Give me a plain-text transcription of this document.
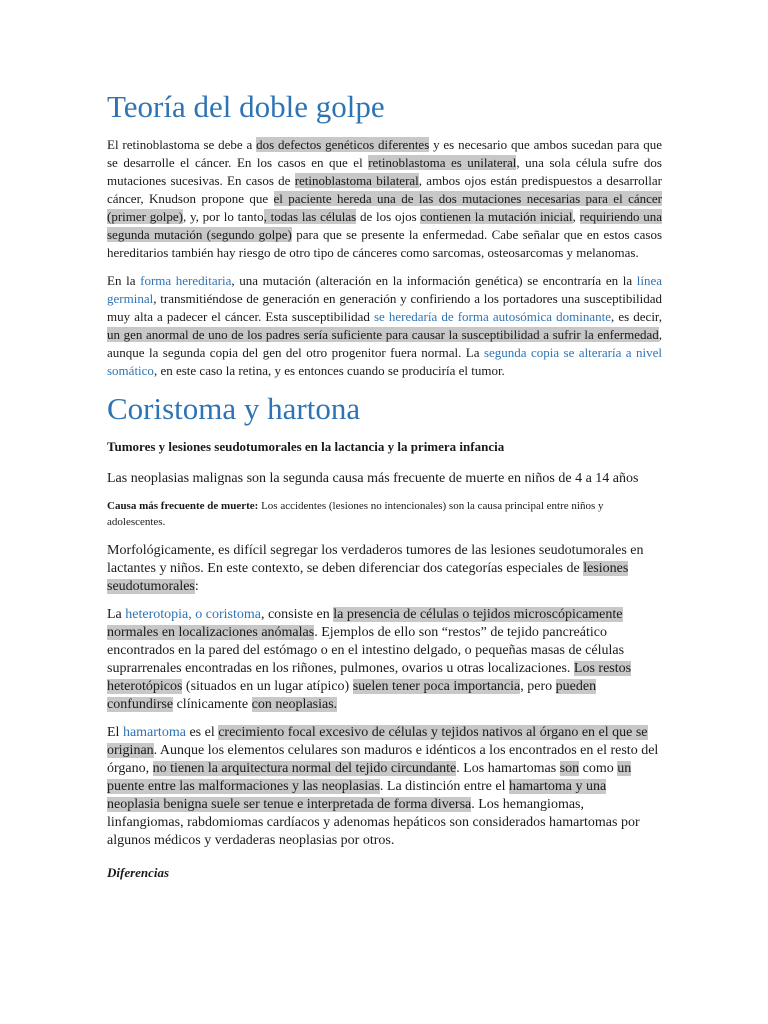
Teoría del doble golpe

El retinoblastoma se debe a dos defectos genéticos diferentes y es necesario que ambos sucedan para que se desarrolle el cáncer. En los casos en que el retinoblastoma es unilateral, una sola célula sufre dos mutaciones sucesivas. En casos de retinoblastoma bilateral, ambos ojos están predispuestos a desarrollar cáncer, Knudson propone que el paciente hereda una de las dos mutaciones necesarias para el cáncer (primer golpe), y, por lo tanto, todas las células de los ojos contienen la mutación inicial, requiriendo una segunda mutación (segundo golpe) para que se presente la enfermedad. Cabe señalar que en estos casos hereditarios también hay riesgo de otro tipo de cánceres como sarcomas, osteosarcomas y melanomas.

En la forma hereditaria, una mutación (alteración en la información genética) se encontraría en la línea germinal, transmitiéndose de generación en generación y confiriendo a los portadores una susceptibilidad muy alta a padecer el cáncer. Esta susceptibilidad se heredaría de forma autosómica dominante, es decir, un gen anormal de uno de los padres sería suficiente para causar la susceptibilidad a sufrir la enfermedad, aunque la segunda copia del gen del otro progenitor fuera normal. La segunda copia se alteraría a nivel somático, en este caso la retina, y es entonces cuando se produciría el tumor.

Coristoma y hartona

Tumores y lesiones seudotumorales en la lactancia y la primera infancia

Las neoplasias malignas son la segunda causa más frecuente de muerte en niños de 4 a 14 años

Causa más frecuente de muerte: Los accidentes (lesiones no intencionales) son la causa principal entre niños y adolescentes.

Morfológicamente, es difícil segregar los verdaderos tumores de las lesiones seudotumorales en lactantes y niños. En este contexto, se deben diferenciar dos categorías especiales de lesiones seudotumorales:

La heterotopia, o coristoma, consiste en la presencia de células o tejidos microscópicamente normales en localizaciones anómalas. Ejemplos de ello son “restos” de tejido pancreático encontrados en la pared del estómago o en el intestino delgado, o pequeñas masas de células suprarrenales encontradas en los riñones, pulmones, ovarios u otras localizaciones. Los restos heterotópicos (situados en un lugar atípico) suelen tener poca importancia, pero pueden confundirse clínicamente con neoplasias.

El hamartoma es el crecimiento focal excesivo de células y tejidos nativos al órgano en el que se originan. Aunque los elementos celulares son maduros e idénticos a los encontrados en el resto del órgano, no tienen la arquitectura normal del tejido circundante. Los hamartomas son como un puente entre las malformaciones y las neoplasias. La distinción entre el hamartoma y una neoplasia benigna suele ser tenue e interpretada de forma diversa. Los hemangiomas, linfangiomas, rabdomiomas cardíacos y adenomas hepáticos son considerados hamartomas por algunos médicos y verdaderas neoplasias por otros.

Diferencias
